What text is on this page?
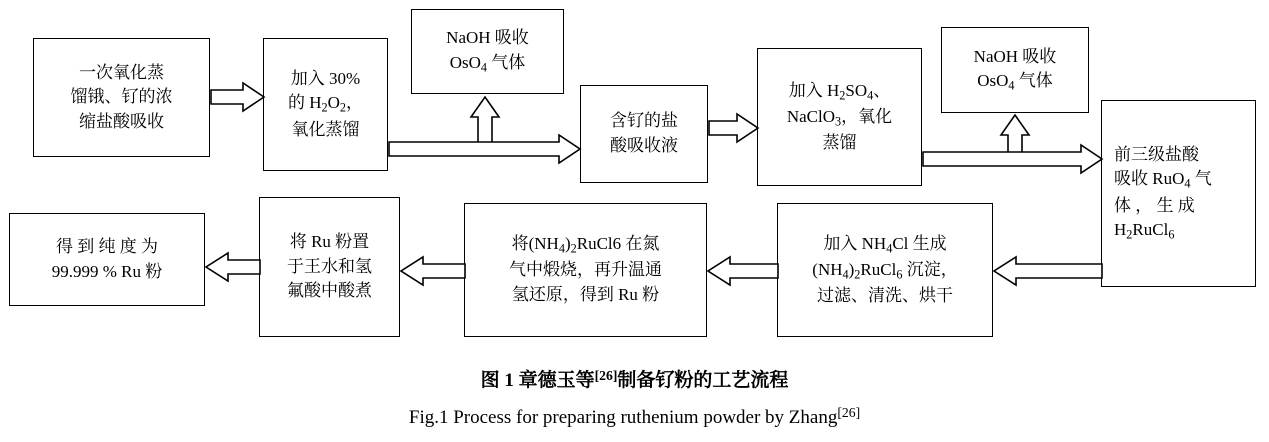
一次氧化蒸
馏锇、钌的浓
缩盐酸吸收
加入 30%
的 $H_2O_2$，
氧化蒸馏
NaOH 吸收
OsO$_4$ 气体
含钌的盐
酸吸收液
加入 $H_2SO_4$、
NaClO$_3$，氧化
蒸馏
NaOH 吸收
OsO$_4$ 气体
前三级盐酸
吸收 RuO$_4$ 气
体 ， 生 成
$H_2RuCl_6$
加入 $NH_4Cl$ 生成
$(NH_4)_2RuCl_6$ 沉淀，
过滤、清洗、烘干
将$(NH_4)_2RuCl6$ 在氮
气中煅烧，再升温通
氢还原，得到 Ru 粉
将 Ru 粉置
于王水和氢
氟酸中酸煮
得 到 纯 度 为
99.999 % Ru 粉
图 1 章德玉等[26]制备钌粉的工艺流程
Fig.1 Process for preparing ruthenium powder by Zhang[26]
